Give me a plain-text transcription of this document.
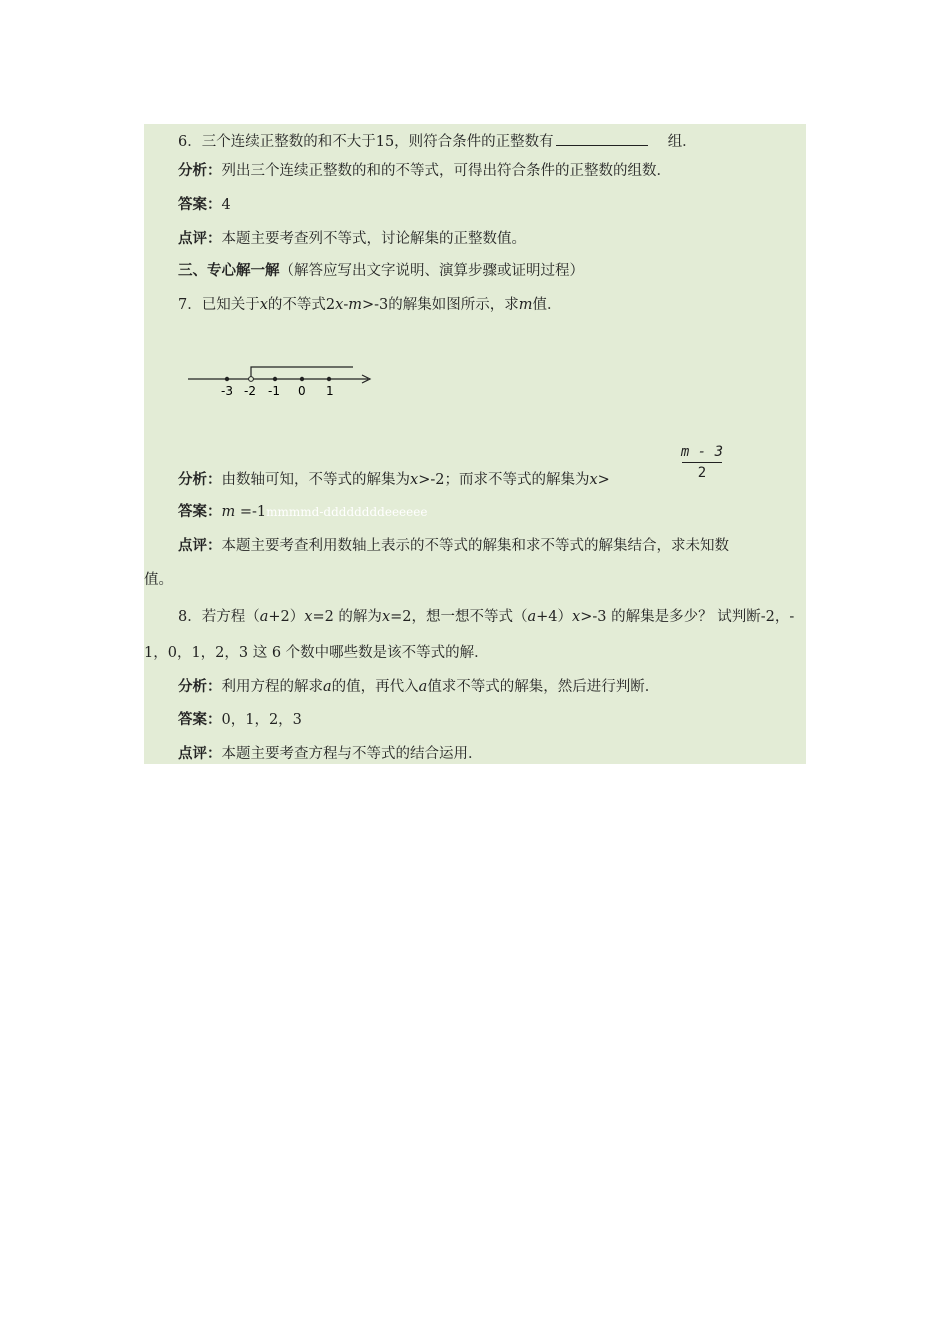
6．三个连续正整数的和不大于15，则符合条件的正整数有	组．
分析：列出三个连续正整数的和的不等式，可得出符合条件的正整数的组数．
答案：4
点评：本题主要考查列不等式，讨论解集的正整数值。
三、专心解一解（解答应写出文字说明、演算步骤或证明过程）
7．已知关于x的不等式2x-m>-3的解集如图所示，求m值．
-3 -2 -1 0 1
m - 3
2
分析：由数轴可知，不等式的解集为x>-2；而求不等式的解集为x>
答案：m =-1mmmmd-ddddddddeeeeee
点评：本题主要考查利用数轴上表示的不等式的解集和求不等式的解集结合，求未知数
值。
8．若方程（a+2）x=2 的解为x=2，想一想不等式（a+4）x>-3 的解集是多少？ 试判断-2，-
1，0，1，2，3 这 6 个数中哪些数是该不等式的解．
分析：利用方程的解求a的值，再代入a值求不等式的解集，然后进行判断．
答案：0，1，2，3
点评：本题主要考查方程与不等式的结合运用．
